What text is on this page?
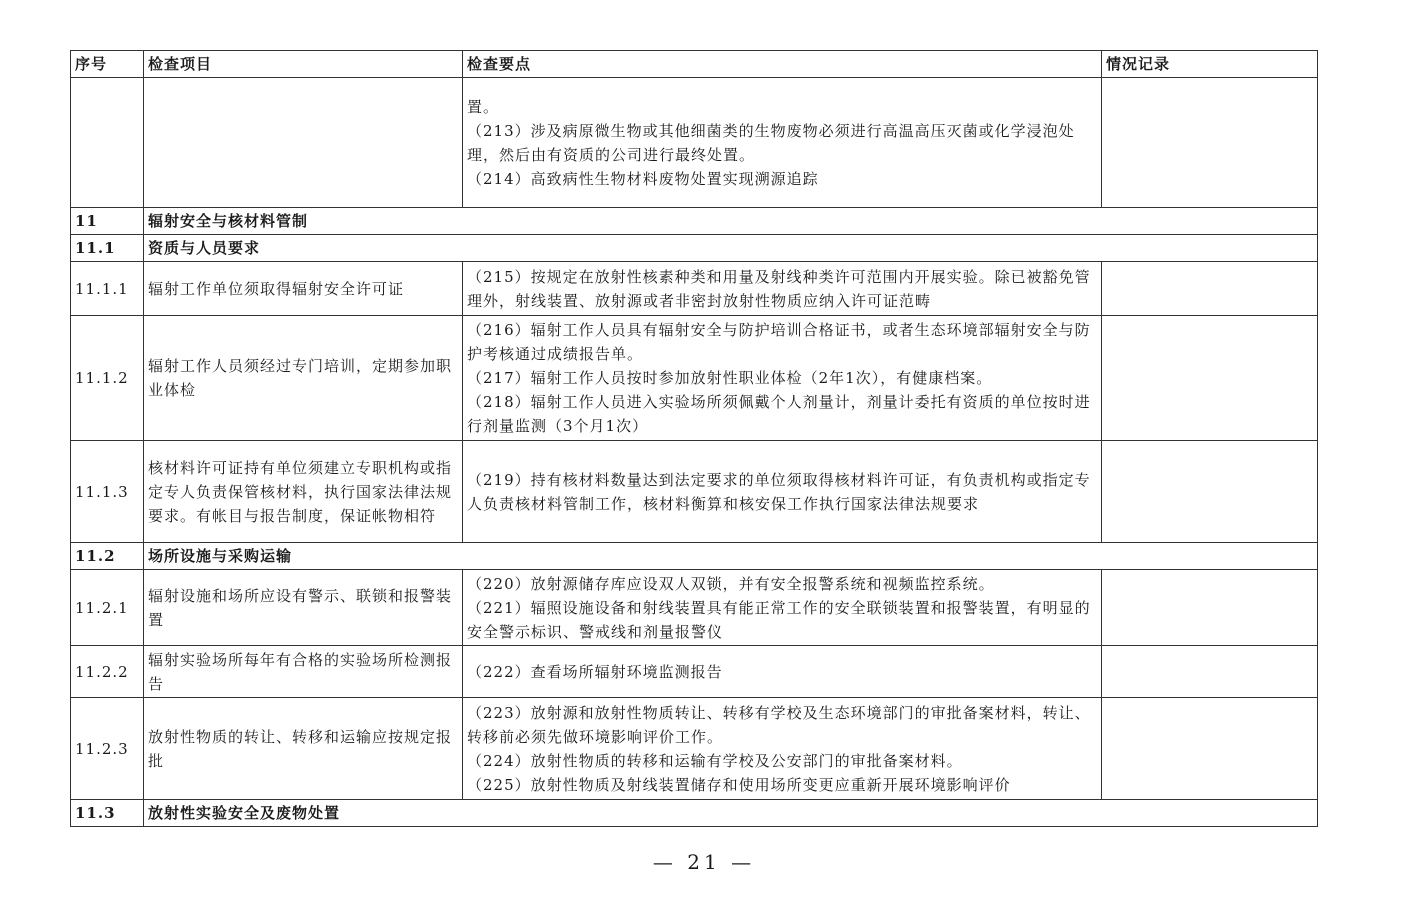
序号	检查项目	检查要点	情况记录

		置。
（213）涉及病原微生物或其他细菌类的生物废物必须进行高温高压灭菌或化学浸泡处理，然后由有资质的公司进行最终处置。
（214）高致病性生物材料废物处置实现溯源追踪	

11	辐射安全与核材料管制		
11.1	资质与人员要求		
11.1.1	辐射工作单位须取得辐射安全许可证	（215）按规定在放射性核素种类和用量及射线种类许可范围内开展实验。除已被豁免管理外，射线装置、放射源或者非密封放射性物质应纳入许可证范畴	

11.1.2	辐射工作人员须经过专门培训，定期参加职业体检	（216）辐射工作人员具有辐射安全与防护培训合格证书，或者生态环境部辐射安全与防护考核通过成绩报告单。
（217）辐射工作人员按时参加放射性职业体检（2年1次），有健康档案。
（218）辐射工作人员进入实验场所须佩戴个人剂量计，剂量计委托有资质的单位按时进行剂量监测（3个月1次）	

11.1.3	核材料许可证持有单位须建立专职机构或指定专人负责保管核材料，执行国家法律法规要求。有帐目与报告制度，保证帐物相符	（219）持有核材料数量达到法定要求的单位须取得核材料许可证，有负责机构或指定专人负责核材料管制工作，核材料衡算和核安保工作执行国家法律法规要求	

11.2	场所设施与采购运输		
11.2.1	辐射设施和场所应设有警示、联锁和报警装置	（220）放射源储存库应设双人双锁，并有安全报警系统和视频监控系统。
（221）辐照设施设备和射线装置具有能正常工作的安全联锁装置和报警装置，有明显的安全警示标识、警戒线和剂量报警仪	

11.2.2	辐射实验场所每年有合格的实验场所检测报告	（222）查看场所辐射环境监测报告	

11.2.3	放射性物质的转让、转移和运输应按规定报批	（223）放射源和放射性物质转让、转移有学校及生态环境部门的审批备案材料，转让、转移前必须先做环境影响评价工作。
（224）放射性物质的转移和运输有学校及公安部门的审批备案材料。
（225）放射性物质及射线装置储存和使用场所变更应重新开展环境影响评价	

11.3	放射性实验安全及废物处置		
— 21 —
